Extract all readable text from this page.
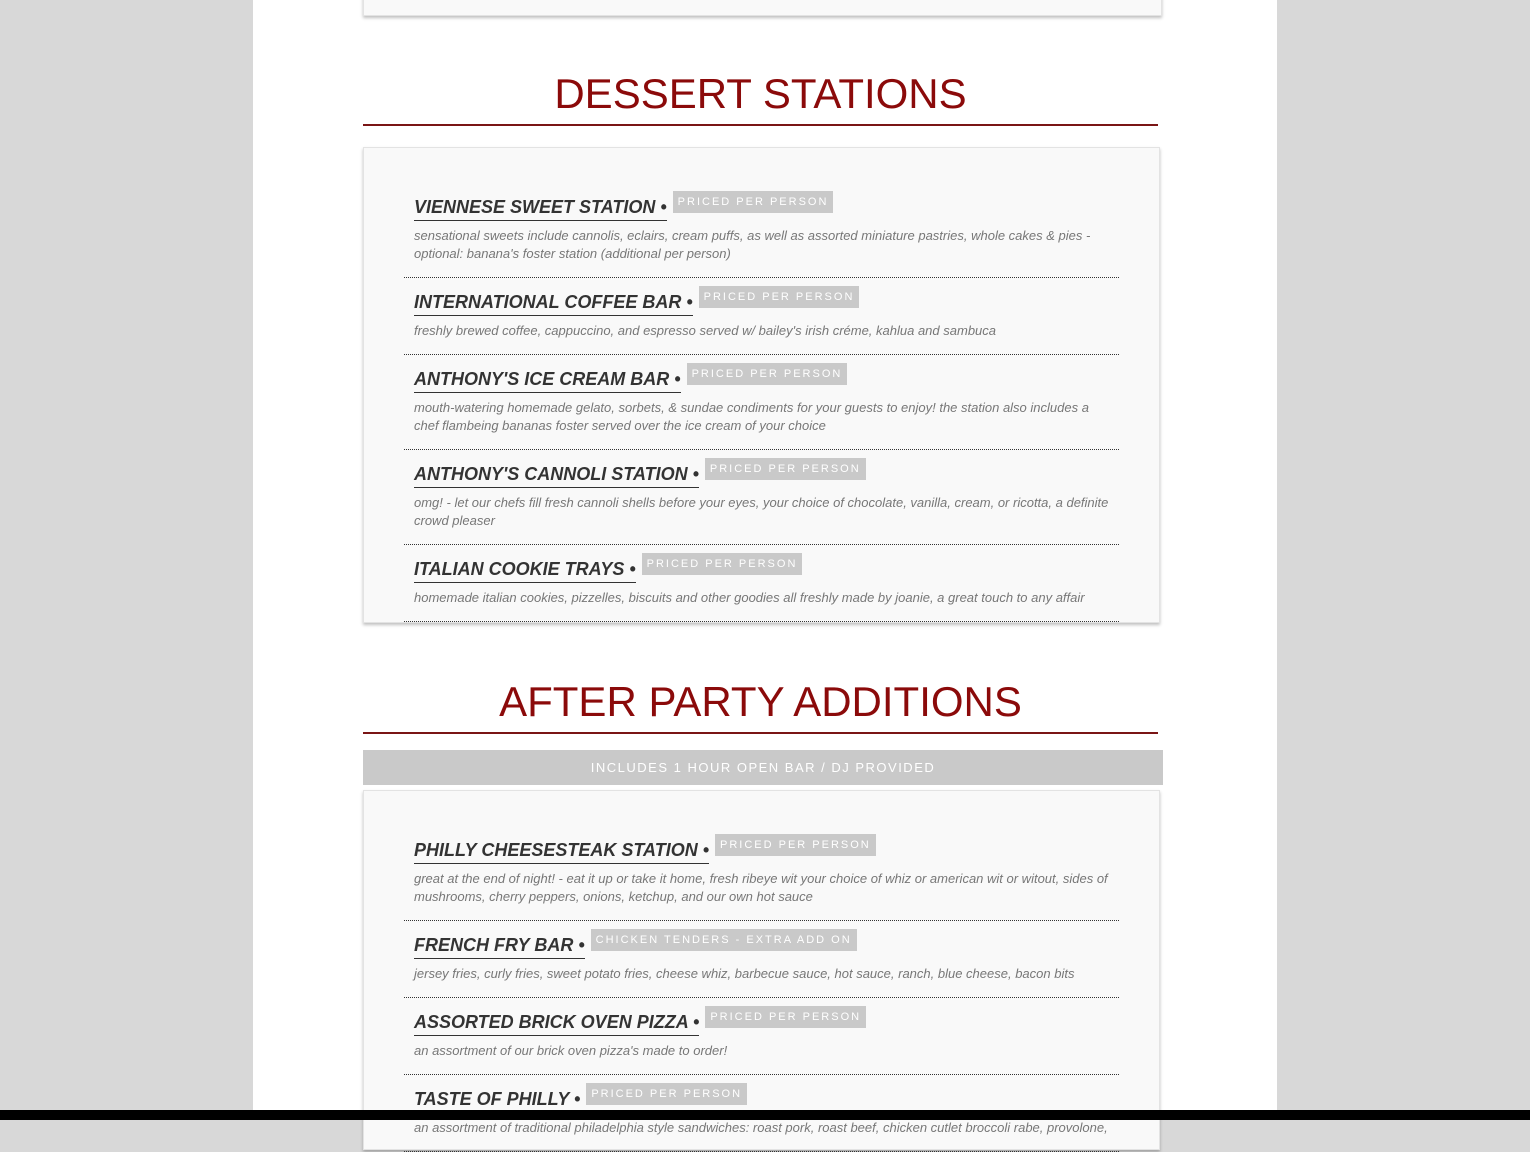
DESSERT STATIONS
VIENNESE SWEET STATION •	PRICED PER PERSON
sensational sweets include cannolis, eclairs, cream puffs, as well as assorted miniature pastries, whole cakes & pies - optional: banana's foster station (additional per person)
INTERNATIONAL COFFEE BAR •	PRICED PER PERSON
freshly brewed coffee, cappuccino, and espresso served w/ bailey's irish créme, kahlua and sambuca
ANTHONY'S ICE CREAM BAR •	PRICED PER PERSON
mouth-watering homemade gelato, sorbets, & sundae condiments for your guests to enjoy! the station also includes a chef flambeing bananas foster served over the ice cream of your choice
ANTHONY'S CANNOLI STATION •	PRICED PER PERSON
omg! - let our chefs fill fresh cannoli shells before your eyes, your choice of chocolate, vanilla, cream, or ricotta, a definite crowd pleaser
ITALIAN COOKIE TRAYS •	PRICED PER PERSON
homemade italian cookies, pizzelles, biscuits and other goodies all freshly made by joanie, a great touch to any affair
AFTER PARTY ADDITIONS
INCLUDES 1 HOUR OPEN BAR / DJ PROVIDED
PHILLY CHEESESTEAK STATION •	PRICED PER PERSON
great at the end of night! - eat it up or take it home, fresh ribeye wit your choice of whiz or american wit or witout, sides of mushrooms, cherry peppers, onions, ketchup, and our own hot sauce
FRENCH FRY BAR •	CHICKEN TENDERS - EXTRA ADD ON
jersey fries, curly fries, sweet potato fries, cheese whiz, barbecue sauce, hot sauce, ranch, blue cheese, bacon bits
ASSORTED BRICK OVEN PIZZA •	PRICED PER PERSON
an assortment of our brick oven pizza's made to order!
TASTE OF PHILLY •	PRICED PER PERSON
an assortment of traditional philadelphia style sandwiches: roast pork, roast beef, chicken cutlet broccoli rabe, provolone,
